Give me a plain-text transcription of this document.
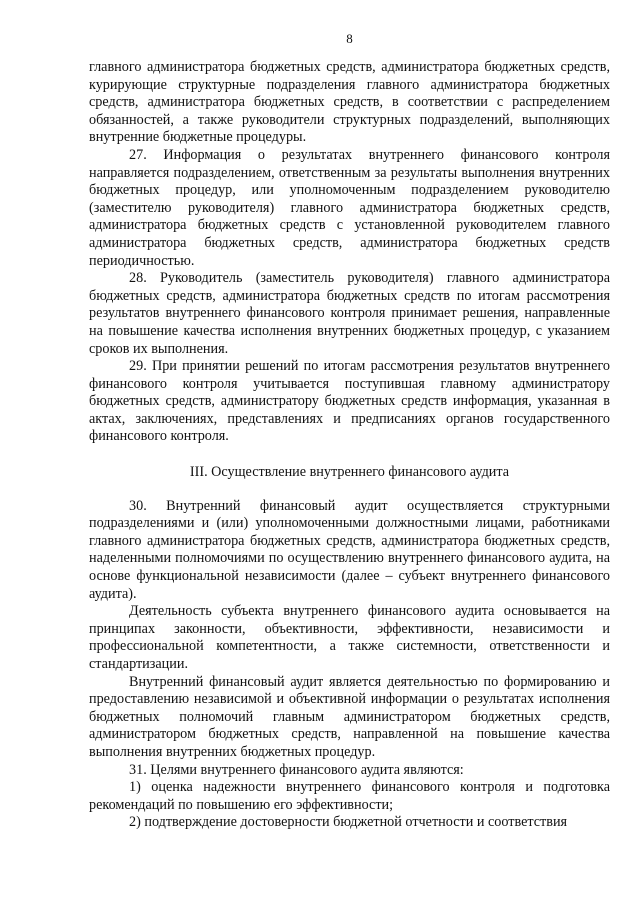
8

главного администратора бюджетных средств, администратора бюджетных средств, курирующие структурные подразделения главного администратора бюджетных средств, администратора бюджетных средств, в соответствии с распределением обязанностей, а также руководители структурных подразделений, выполняющих внутренние бюджетные процедуры.

27. Информация о результатах внутреннего финансового контроля направляется подразделением, ответственным за результаты выполнения внутренних бюджетных процедур, или уполномоченным подразделением руководителю (заместителю руководителя) главного администратора бюджетных средств, администратора бюджетных средств с установленной руководителем главного администратора бюджетных средств, администратора бюджетных средств периодичностью.

28. Руководитель (заместитель руководителя) главного администратора бюджетных средств, администратора бюджетных средств по итогам рассмотрения результатов внутреннего финансового контроля принимает решения, направленные на повышение качества исполнения внутренних бюджетных процедур, с указанием сроков их выполнения.

29. При принятии решений по итогам рассмотрения результатов внутреннего финансового контроля учитывается поступившая главному администратору бюджетных средств, администратору бюджетных средств информация, указанная в актах, заключениях, представлениях и предписаниях органов государственного финансового контроля.

III. Осуществление внутреннего финансового аудита

30. Внутренний финансовый аудит осуществляется структурными подразделениями и (или) уполномоченными должностными лицами, работниками главного администратора бюджетных средств, администратора бюджетных средств, наделенными полномочиями по осуществлению внутреннего финансового аудита, на основе функциональной независимости (далее – субъект внутреннего финансового аудита).

Деятельность субъекта внутреннего финансового аудита основывается на принципах законности, объективности, эффективности, независимости и профессиональной компетентности, а также системности, ответственности и стандартизации.

Внутренний финансовый аудит является деятельностью по формированию и предоставлению независимой и объективной информации о результатах исполнения бюджетных полномочий главным администратором бюджетных средств, администратором бюджетных средств, направленной на повышение качества выполнения внутренних бюджетных процедур.

31. Целями внутреннего финансового аудита являются:

1) оценка надежности внутреннего финансового контроля и подготовка рекомендаций по повышению его эффективности;

2) подтверждение достоверности бюджетной отчетности и соответствия
